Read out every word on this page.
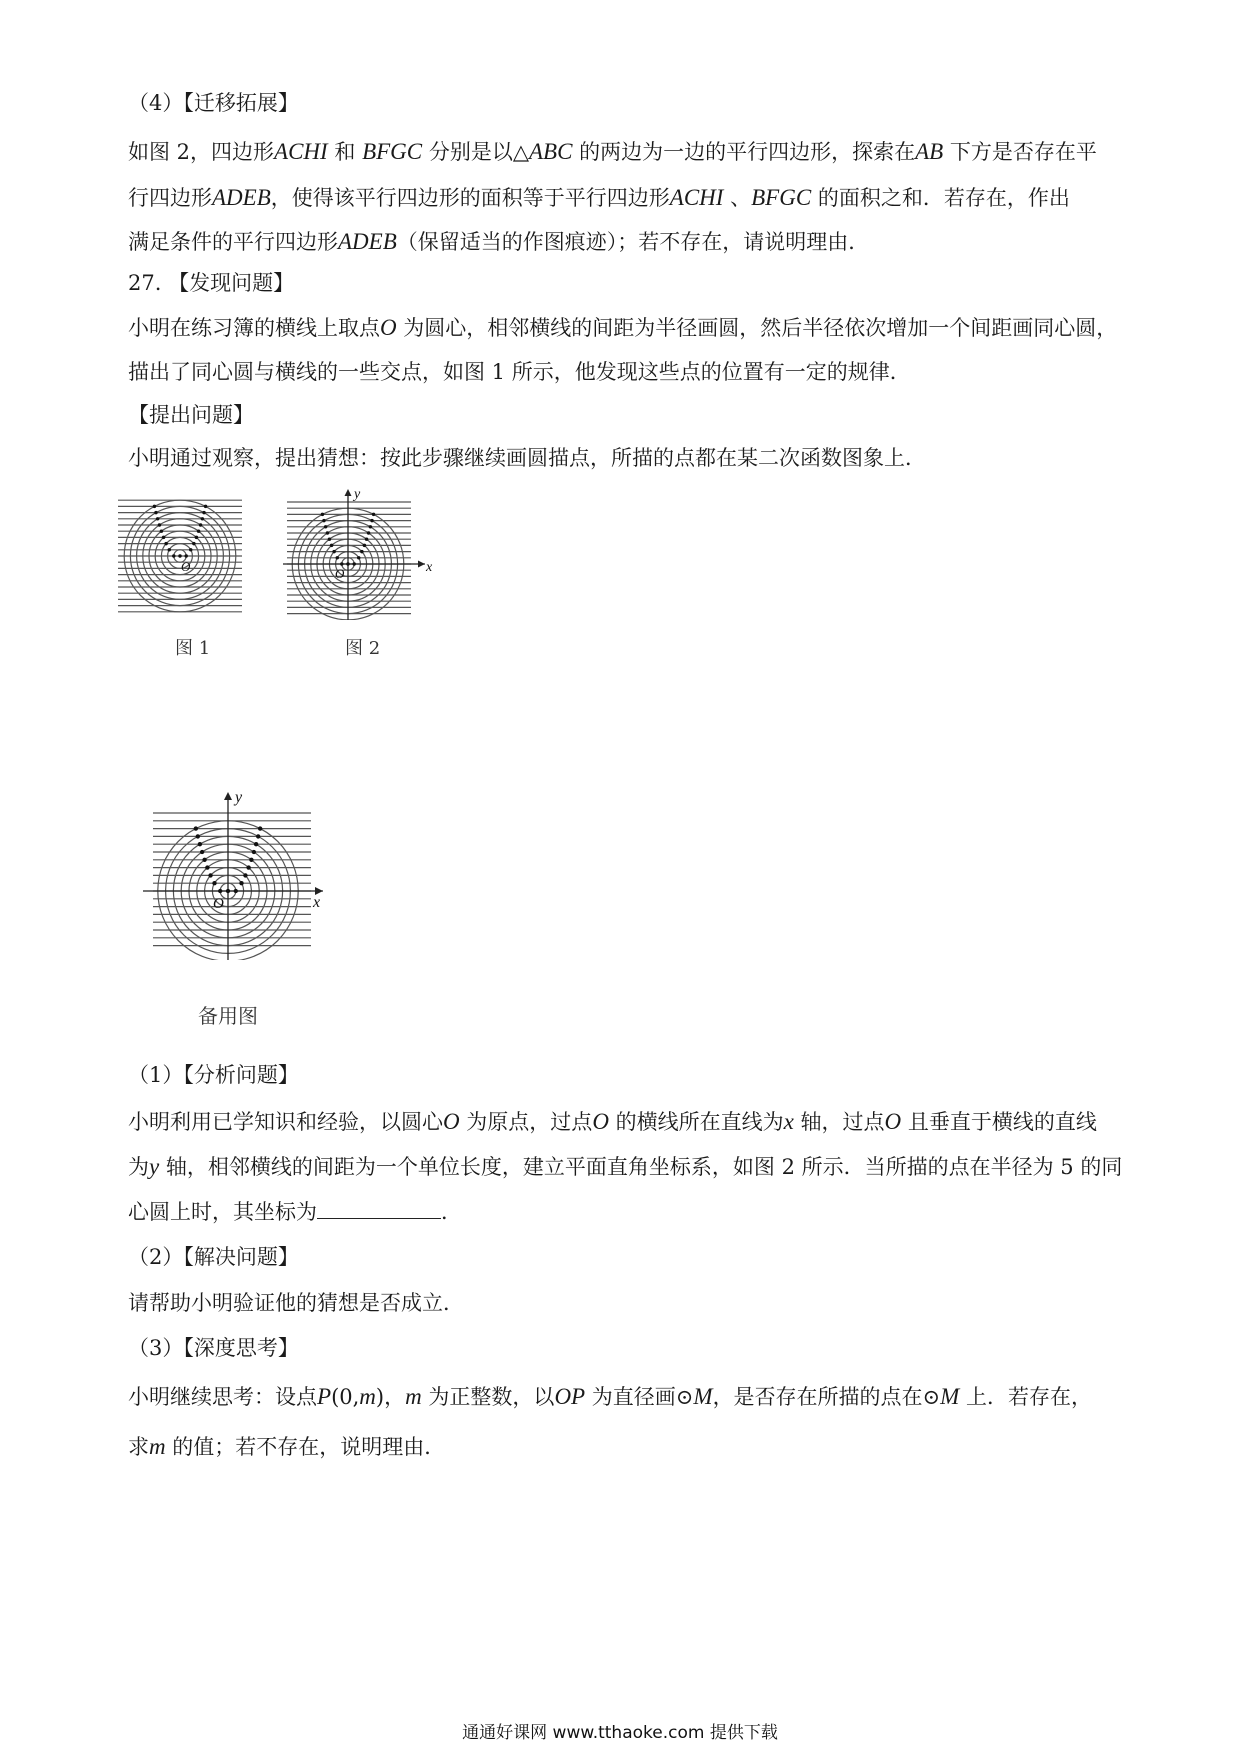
（4）【迁移拓展】
如图 2，四边形ACHI 和 BFGC 分别是以△ABC 的两边为一边的平行四边形，探索在AB 下方是否存在平
行四边形ADEB，使得该平行四边形的面积等于平行四边形ACHI 、BFGC 的面积之和．若存在，作出
满足条件的平行四边形ADEB（保留适当的作图痕迹）；若不存在，请说明理由．
27. 【发现问题】
小明在练习簿的横线上取点O 为圆心，相邻横线的间距为半径画圆，然后半径依次增加一个间距画同心圆，
描出了同心圆与横线的一些交点，如图 1 所示，他发现这些点的位置有一定的规律．
【提出问题】
小明通过观察，提出猜想：按此步骤继续画圆描点，所描的点都在某二次函数图象上．
O
图 1
x
y
O
图 2
x
y
O
备用图
（1）【分析问题】
小明利用已学知识和经验，以圆心O 为原点，过点O 的横线所在直线为x 轴，过点O 且垂直于横线的直线
为y 轴，相邻横线的间距为一个单位长度，建立平面直角坐标系，如图 2 所示．当所描的点在半径为 5 的同
心圆上时，其坐标为	．
（2）【解决问题】
请帮助小明验证他的猜想是否成立．
（3）【深度思考】
小明继续思考：设点P(0,m)，m 为正整数，以OP 为直径画⊙M，是否存在所描的点在⊙M 上．若存在，
求m 的值；若不存在，说明理由．
通通好课网 www.tthaoke.com 提供下载
